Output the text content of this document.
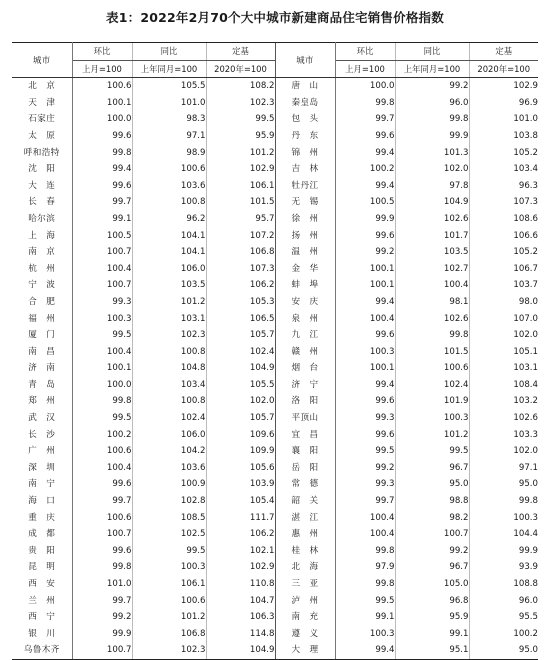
表1：2022年2月70个大中城市新建商品住宅销售价格指数
城市	环比	同比	定基	城市	环比	同比	定基
	上月=100	上年同月=100	2020年=100		上月=100	上年同月=100	2020年=100
北　京	100.6	105.5	108.2	唐　山	100.0	99.2	102.9
天　津	100.1	101.0	102.3	秦皇岛	99.8	96.0	96.9
石家庄	100.0	98.3	99.5	包　头	99.7	99.8	101.0
太　原	99.6	97.1	95.9	丹　东	99.6	99.9	103.8
呼和浩特	99.8	98.9	101.2	锦　州	99.4	101.3	105.2
沈　阳	99.4	100.6	102.9	吉　林	100.2	102.0	103.4
大　连	99.6	103.6	106.1	牡丹江	99.4	97.8	96.3
长　春	99.7	100.8	101.5	无　锡	100.5	104.9	107.3
哈尔滨	99.1	96.2	95.7	徐　州	99.9	102.6	108.6
上　海	100.5	104.1	107.2	扬　州	99.6	101.7	106.6
南　京	100.7	104.1	106.8	温　州	99.2	103.5	105.2
杭　州	100.4	106.0	107.3	金　华	100.1	102.7	106.7
宁　波	100.7	103.5	106.2	蚌　埠	100.1	100.4	103.7
合　肥	99.3	101.2	105.3	安　庆	99.4	98.1	98.0
福　州	100.3	103.1	106.5	泉　州	100.4	102.6	107.0
厦　门	99.5	102.3	105.7	九　江	99.6	99.8	102.0
南　昌	100.4	100.8	102.4	赣　州	100.3	101.5	105.1
济　南	100.1	104.8	104.9	烟　台	100.1	100.6	103.1
青　岛	100.0	103.4	105.5	济　宁	99.4	102.4	108.4
郑　州	99.8	100.8	102.0	洛　阳	99.6	101.9	103.2
武　汉	99.5	102.4	105.7	平顶山	99.3	100.3	102.6
长　沙	100.2	106.0	109.6	宜　昌	99.6	101.2	103.3
广　州	100.6	104.2	109.9	襄　阳	99.5	99.5	102.0
深　圳	100.4	103.6	105.6	岳　阳	99.2	96.7	97.1
南　宁	99.6	100.9	103.9	常　德	99.3	95.0	95.0
海　口	99.7	102.8	105.4	韶　关	99.7	98.8	99.8
重　庆	100.6	108.5	111.7	湛　江	100.4	98.2	100.3
成　都	100.7	102.5	106.2	惠　州	100.4	100.7	104.4
贵　阳	99.6	99.5	102.1	桂　林	99.8	99.2	99.9
昆　明	99.8	100.3	102.9	北　海	97.9	96.7	93.9
西　安	101.0	106.1	110.8	三　亚	99.8	105.0	108.8
兰　州	99.7	100.6	104.7	泸　州	99.5	96.8	96.0
西　宁	99.2	101.2	106.3	南　充	99.1	95.9	95.5
银　川	99.9	106.8	114.8	遵　义	100.3	99.1	100.2
乌鲁木齐	100.7	102.3	104.9	大　理	99.4	95.1	95.0
